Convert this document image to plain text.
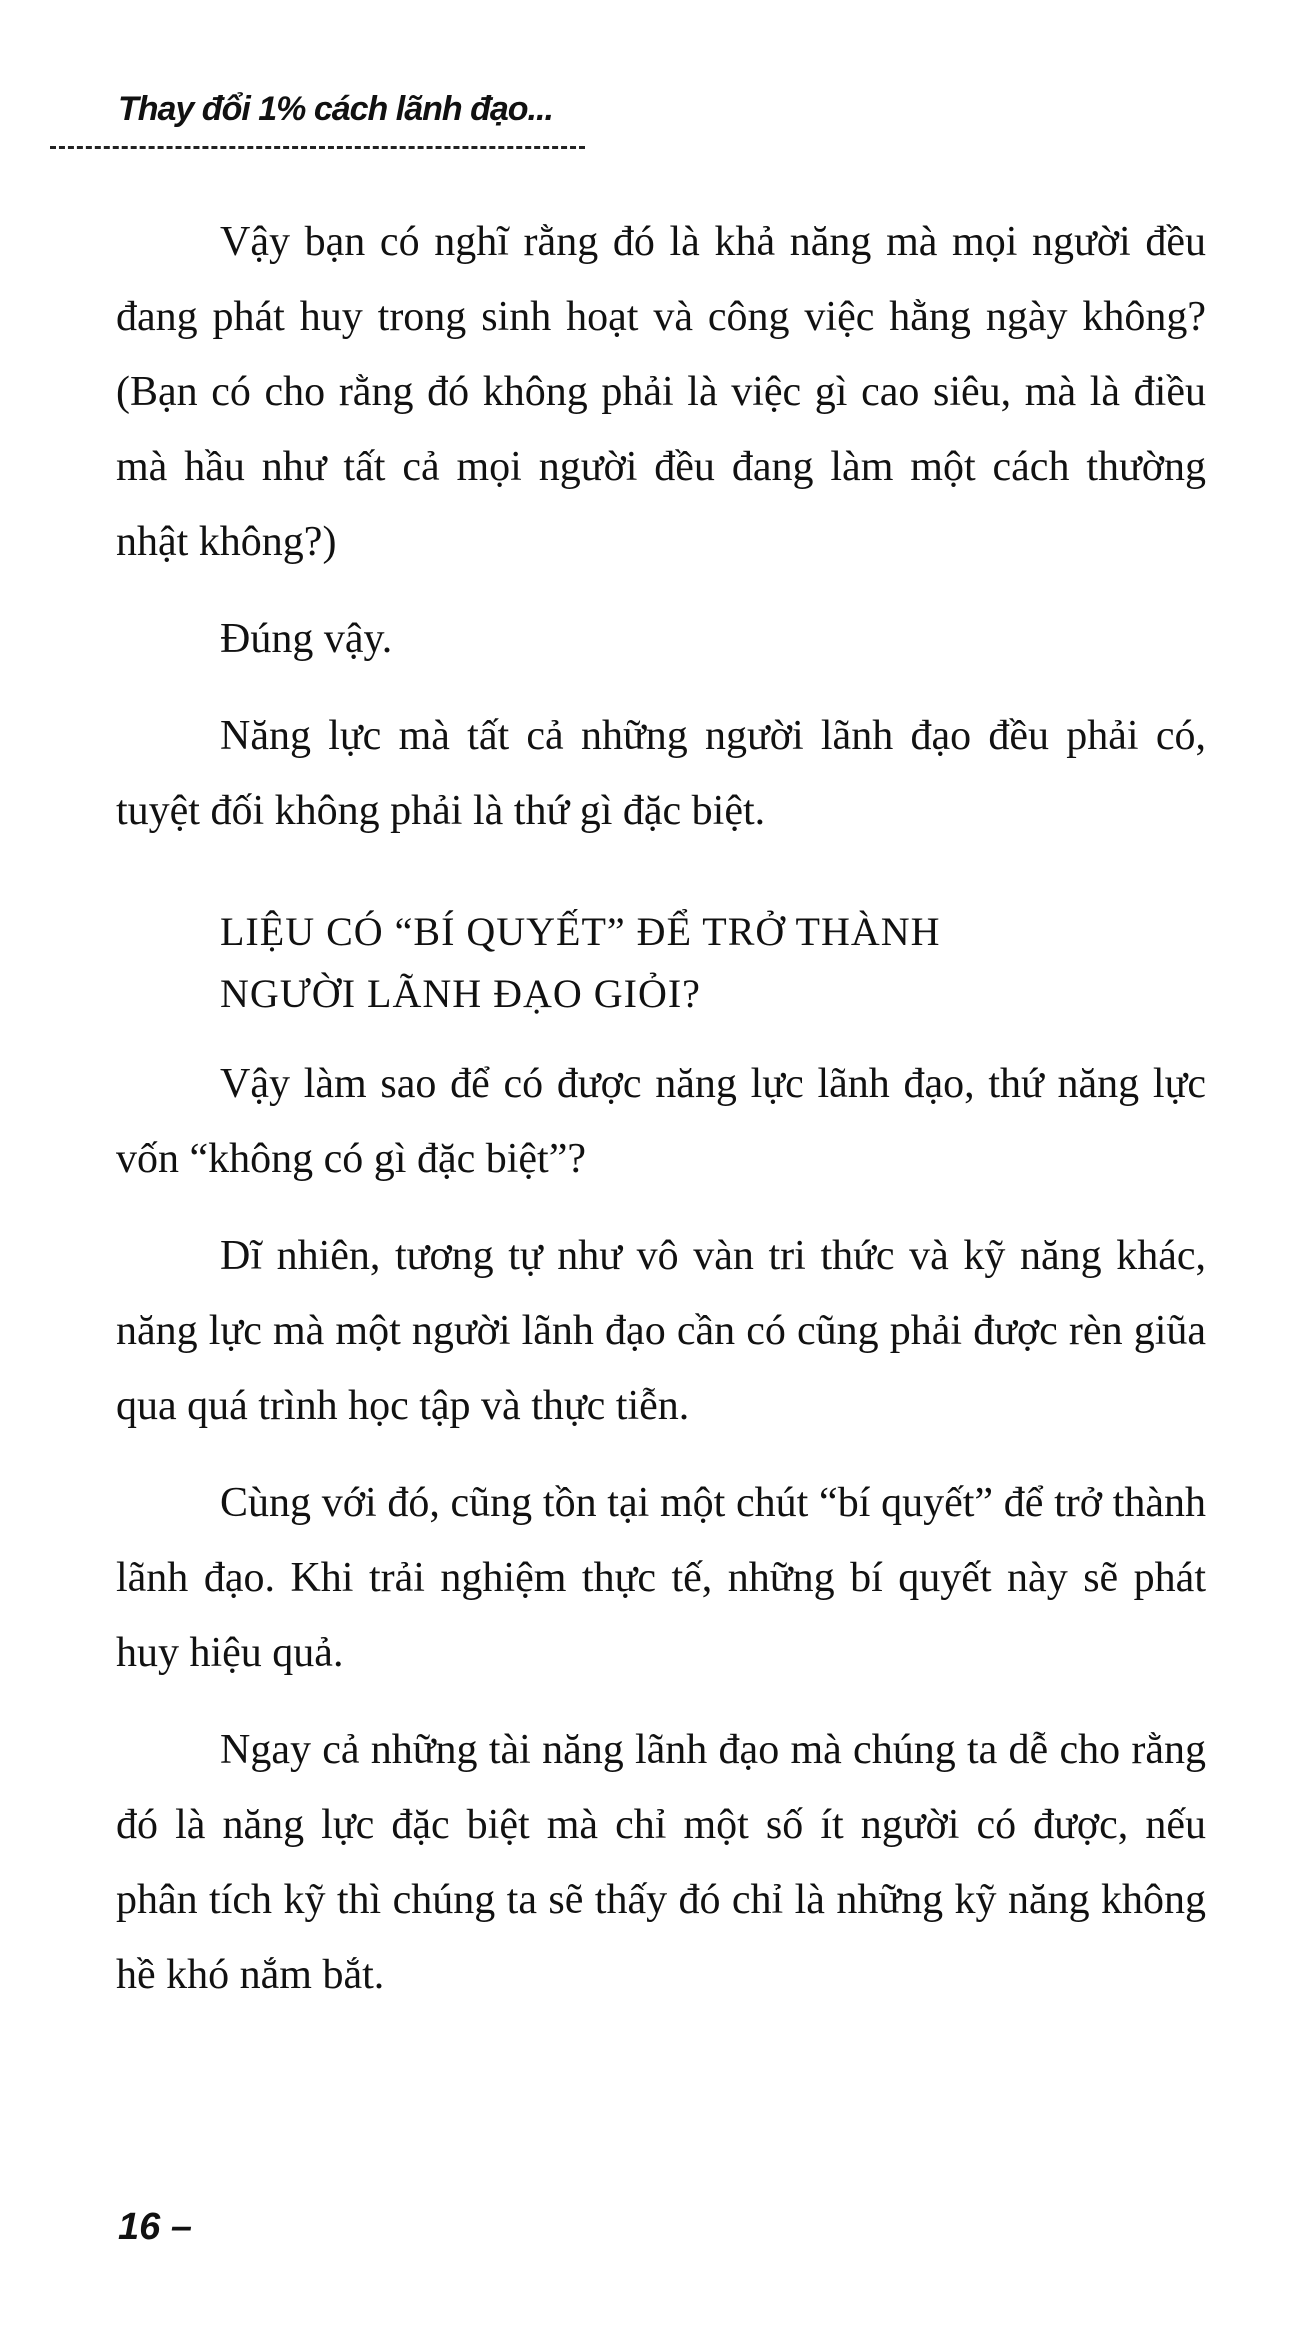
Thay đổi 1% cách lãnh đạo...

Vậy bạn có nghĩ rằng đó là khả năng mà mọi người đều đang phát huy trong sinh hoạt và công việc hằng ngày không? (Bạn có cho rằng đó không phải là việc gì cao siêu, mà là điều mà hầu như tất cả mọi người đều đang làm một cách thường nhật không?)

Đúng vậy.

Năng lực mà tất cả những người lãnh đạo đều phải có, tuyệt đối không phải là thứ gì đặc biệt.

LIỆU CÓ “BÍ QUYẾT” ĐỂ TRỞ THÀNH
NGƯỜI LÃNH ĐẠO GIỎI?

Vậy làm sao để có được năng lực lãnh đạo, thứ năng lực vốn “không có gì đặc biệt”?

Dĩ nhiên, tương tự như vô vàn tri thức và kỹ năng khác, năng lực mà một người lãnh đạo cần có cũng phải được rèn giũa qua quá trình học tập và thực tiễn.

Cùng với đó, cũng tồn tại một chút “bí quyết” để trở thành lãnh đạo. Khi trải nghiệm thực tế, những bí quyết này sẽ phát huy hiệu quả.

Ngay cả những tài năng lãnh đạo mà chúng ta dễ cho rằng đó là năng lực đặc biệt mà chỉ một số ít người có được, nếu phân tích kỹ thì chúng ta sẽ thấy đó chỉ là những kỹ năng không hề khó nắm bắt.

16 –
